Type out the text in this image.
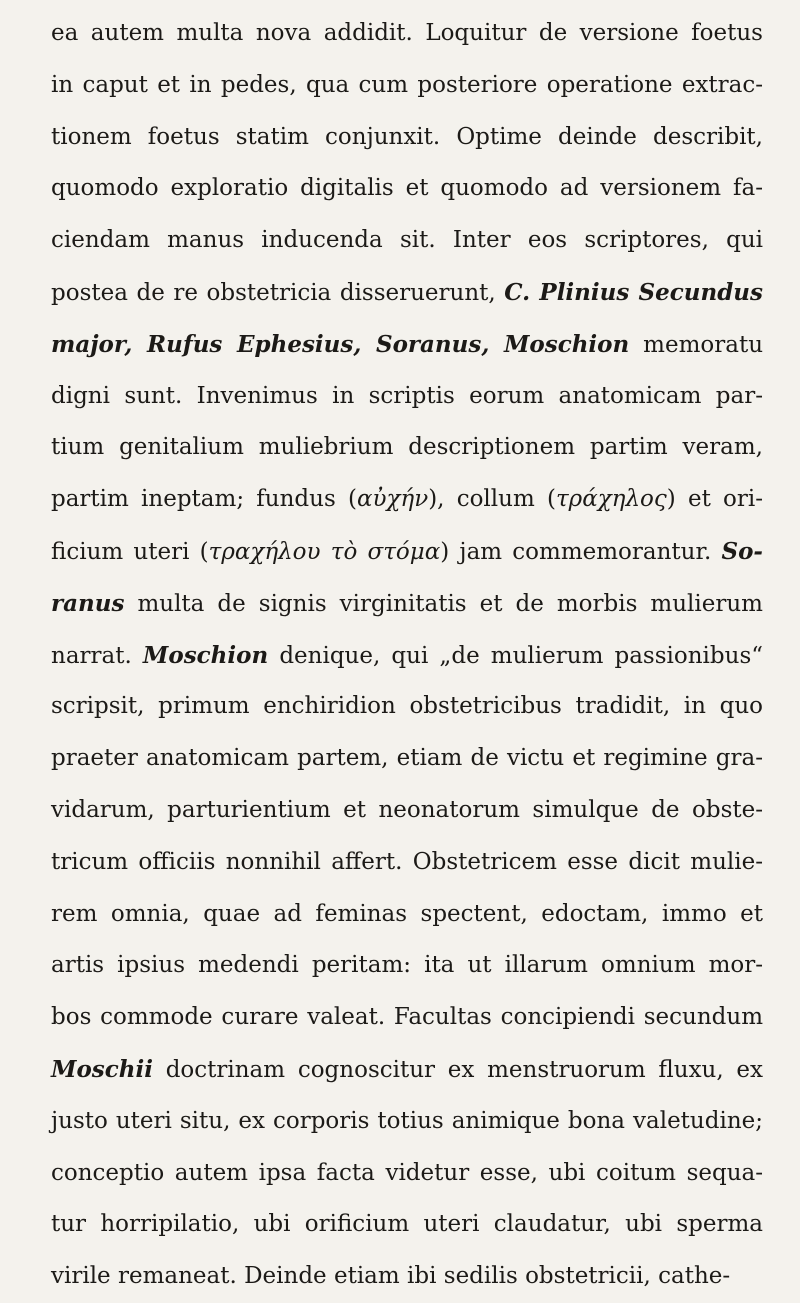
ea autem multa nova addidit. Loquitur de versione foetus
in caput et in pedes, qua cum posteriore operatione extrac-
tionem foetus statim conjunxit. Optime deinde describit,
quomodo exploratio digitalis et quomodo ad versionem fa-
ciendam manus inducenda sit. Inter eos scriptores, qui
postea de re obstetricia disseruerunt, C. Plinius Secundus
major, Rufus Ephesius, Soranus, Moschion memoratu
digni sunt. Invenimus in scriptis eorum anatomicam par-
tium genitalium muliebrium descriptionem partim veram,
partim ineptam; fundus (αὐχήν), collum (τράχηλος) et ori-
ficium uteri (τραχήλου τὸ στόμα) jam commemorantur. So-
ranus multa de signis virginitatis et de morbis mulierum
narrat. Moschion denique, qui „de mulierum passionibus“
scripsit, primum enchiridion obstetricibus tradidit, in quo
praeter anatomicam partem, etiam de victu et regimine gra-
vidarum, parturientium et neonatorum simulque de obste-
tricum officiis nonnihil affert. Obstetricem esse dicit mulie-
rem omnia, quae ad feminas spectent, edoctam, immo et
artis ipsius medendi peritam: ita ut illarum omnium mor-
bos commode curare valeat. Facultas concipiendi secundum
Moschii doctrinam cognoscitur ex menstruorum fluxu, ex
justo uteri situ, ex corporis totius animique bona valetudine;
conceptio autem ipsa facta videtur esse, ubi coitum sequa-
tur horripilatio, ubi orificium uteri claudatur, ubi sperma
virile remaneat. Deinde etiam ibi sedilis obstetricii, cathe-
